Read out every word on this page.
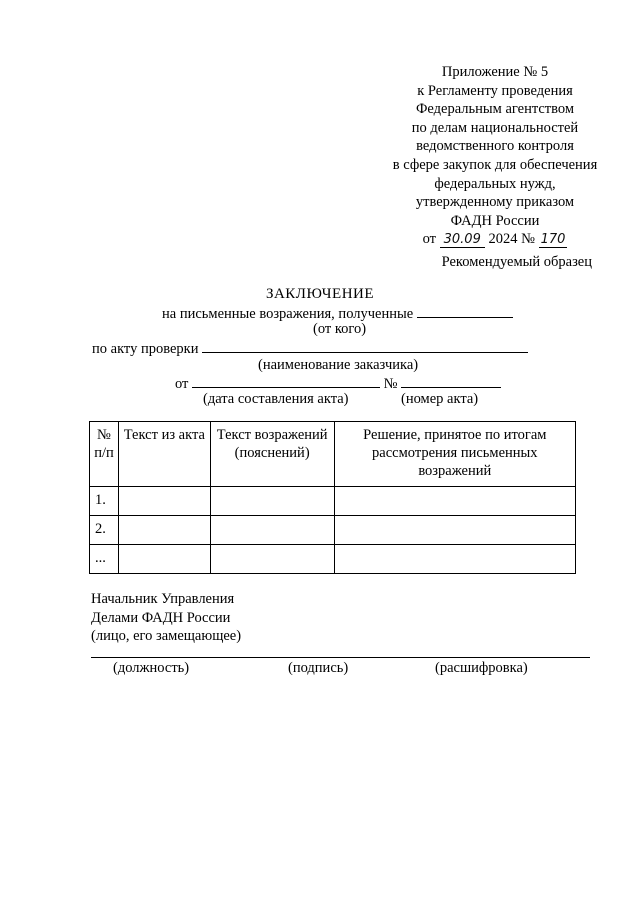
Приложение № 5
к Регламенту проведения
Федеральным агентством
по делам национальностей
ведомственного контроля
в сфере закупок для обеспечения
федеральных нужд,
утвержденному приказом
ФАДН России
от 30.09 2024 № 170
Рекомендуемый образец
ЗАКЛЮЧЕНИЕ
на письменные возражения, полученные
(от кого)
по акту проверки
(наименование заказчика)
от	№
(дата составления акта)	(номер акта)
№ п/п	Текст из акта	Текст возражений (пояснений)	Решение, принятое по итогам рассмотрения письменных возражений
1.			
2.			
...			
Начальник Управления
Делами ФАДН России
(лицо, его замещающее)
(должность)	(подпись)	(расшифровка)
